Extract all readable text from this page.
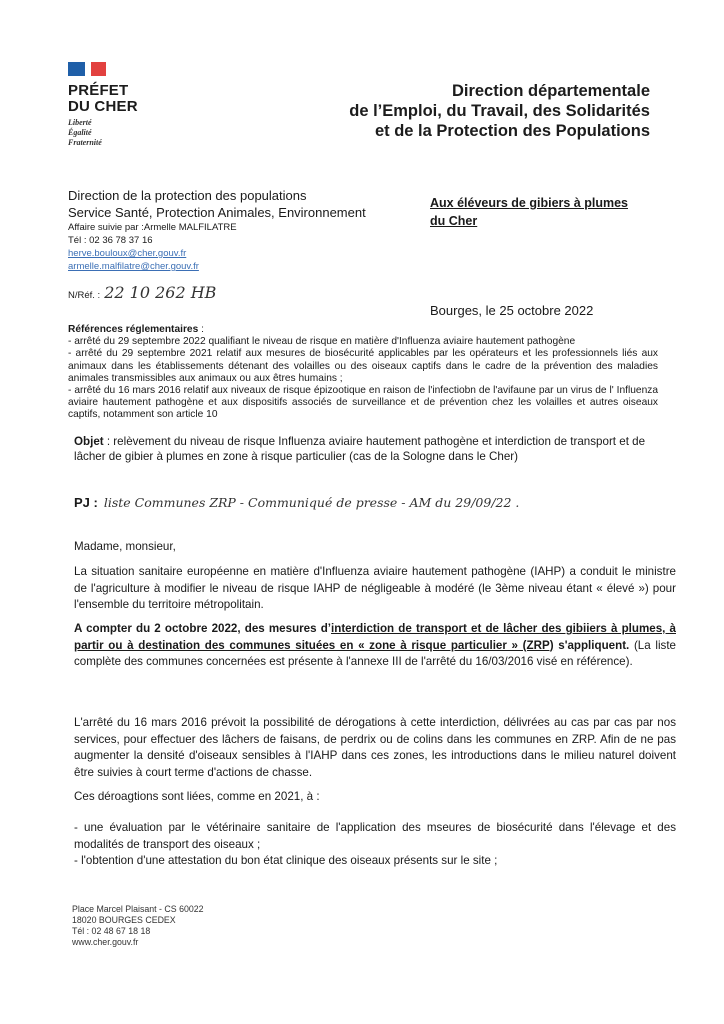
PRÉFET
DU CHER
Liberté
Égalité
Fraternité
Direction départementale
de l’Emploi, du Travail, des Solidarités
et de la Protection des Populations
Direction de la protection des populations
Service Santé, Protection Animales, Environnement
Affaire suivie par :Armelle MALFILATRE
Tél : 02 36 78 37 16
herve.bouloux@cher.gouv.fr
armelle.malfilatre@cher.gouv.fr
N/Réf. : 22 10 262 HB
Aux éléveurs de gibiers à plumes
du Cher
Bourges, le 25 octobre 2022
Références réglementaires :
- arrêté du 29 septembre 2022 qualifiant le niveau de risque en matière d'Influenza aviaire hautement pathogène
- arrêté du 29 septembre 2021 relatif aux mesures de biosécurité applicables par les opérateurs et les professionnels liés aux animaux dans les établissements détenant des volailles ou des oiseaux captifs dans le cadre de la prévention des maladies animales transmissibles aux animaux ou aux êtres humains ;
- arrêté du 16 mars 2016 relatif aux niveaux de risque épizootique en raison de l'infectiobn de l'avifaune par un virus de l' Influenza aviaire hautement pathogène et aux dispositifs associés de surveillance et de prévention chez les volailles et autres oiseaux captifs, notamment son article 10
Objet : relèvement du niveau de risque Influenza aviaire hautement pathogène et interdiction de transport et de lâcher de gibier à plumes en zone à risque particulier (cas de la Sologne dans le Cher)
PJ : liste Communes ZRP - Communiqué de presse - AM du 29/09/22 .
Madame, monsieur,
La situation sanitaire européenne en matière d'Influenza aviaire hautement pathogène (IAHP) a conduit le ministre de l'agriculture à modifier le niveau de risque IAHP de négligeable à modéré (le 3ème niveau étant « élevé ») pour l'ensemble du territoire métropolitain.
A compter du 2 octobre 2022, des mesures d’interdiction de transport et de lâcher des gibiiers à plumes, à partir ou à destination des communes situées en « zone à risque particulier » (ZRP) s'appliquent. (La liste complète des communes concernées est présente à l'annexe III de l'arrêté du 16/03/2016 visé en référence).
L'arrêté du 16 mars 2016 prévoit la possibilité de dérogations à cette interdiction, délivrées au cas par cas par nos services, pour effectuer des lâchers de faisans, de perdrix ou de colins dans les communes en ZRP. Afin de ne pas augmenter la densité d'oiseaux sensibles à l'IAHP dans ces zones, les introductions dans le milieu naturel doivent être suivies à court terme d'actions de chasse.
Ces déroagtions sont liées, comme en 2021, à :
- une évaluation par le vétérinaire sanitaire de l'application des mseures de biosécurité dans l'élevage et des modalités de transport des oiseaux ;
- l'obtention d'une attestation du bon état clinique des oiseaux présents sur le site ;
Place Marcel Plaisant - CS 60022
18020 BOURGES CEDEX
Tél : 02 48 67 18 18
www.cher.gouv.fr
